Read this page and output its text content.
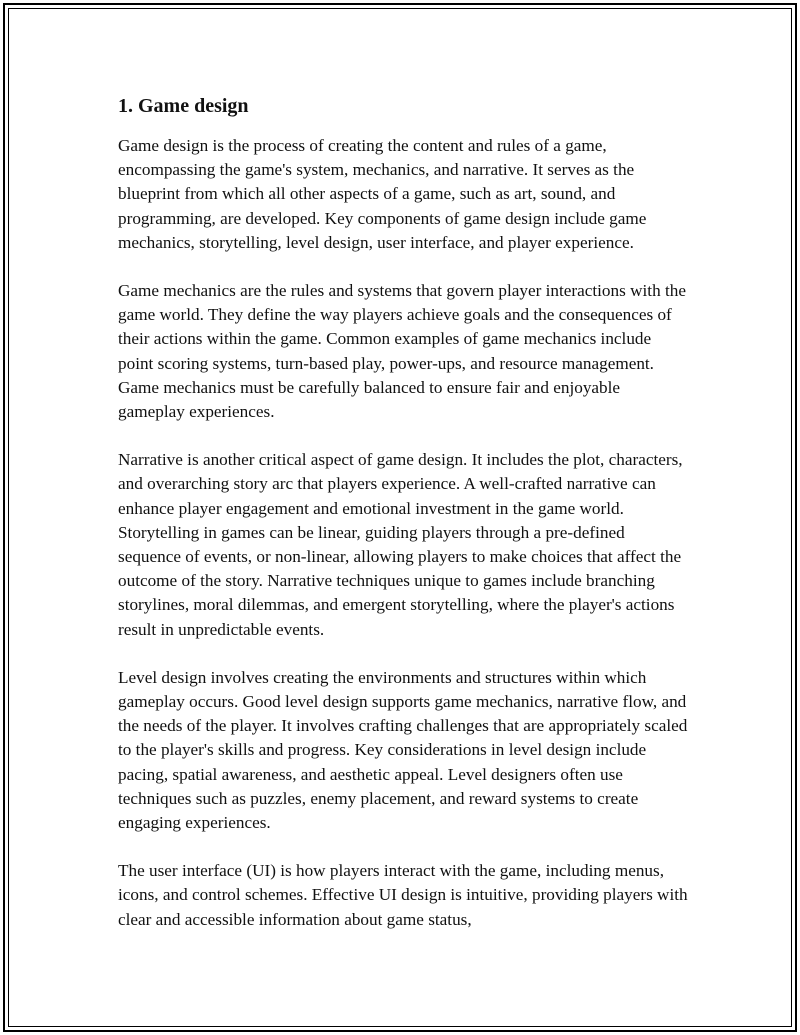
1. Game design

Game design is the process of creating the content and rules of a game, encompassing the game's system, mechanics, and narrative. It serves as the blueprint from which all other aspects of a game, such as art, sound, and programming, are developed. Key components of game design include game mechanics, storytelling, level design, user interface, and player experience.

Game mechanics are the rules and systems that govern player interactions with the game world. They define the way players achieve goals and the consequences of their actions within the game. Common examples of game mechanics include point scoring systems, turn-based play, power-ups, and resource management. Game mechanics must be carefully balanced to ensure fair and enjoyable gameplay experiences.

Narrative is another critical aspect of game design. It includes the plot, characters, and overarching story arc that players experience. A well-crafted narrative can enhance player engagement and emotional investment in the game world. Storytelling in games can be linear, guiding players through a pre-defined sequence of events, or non-linear, allowing players to make choices that affect the outcome of the story. Narrative techniques unique to games include branching storylines, moral dilemmas, and emergent storytelling, where the player's actions result in unpredictable events.

Level design involves creating the environments and structures within which gameplay occurs. Good level design supports game mechanics, narrative flow, and the needs of the player. It involves crafting challenges that are appropriately scaled to the player's skills and progress. Key considerations in level design include pacing, spatial awareness, and aesthetic appeal. Level designers often use techniques such as puzzles, enemy placement, and reward systems to create engaging experiences.

The user interface (UI) is how players interact with the game, including menus, icons, and control schemes. Effective UI design is intuitive, providing players with clear and accessible information about game status,
